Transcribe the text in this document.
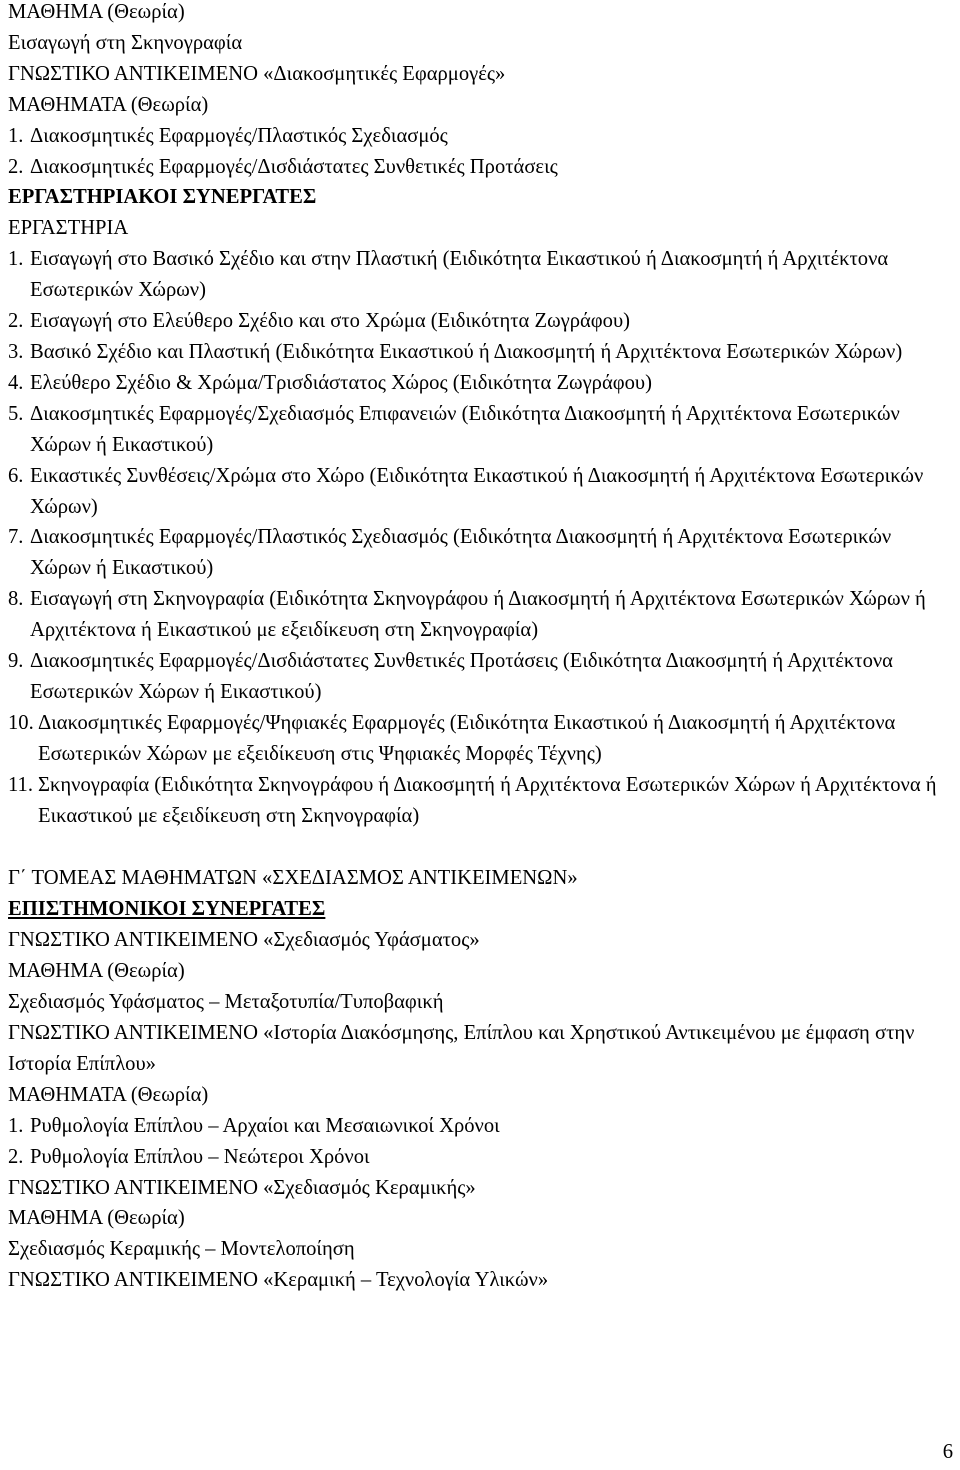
ΜΑΘΗΜΑ (Θεωρία)
Εισαγωγή στη Σκηνογραφία
ΓΝΩΣΤΙΚΟ ΑΝΤΙΚΕΙΜΕΝΟ «Διακοσμητικές Εφαρμογές»
ΜΑΘΗΜΑΤΑ (Θεωρία)
1. Διακοσμητικές Εφαρμογές/Πλαστικός Σχεδιασμός
2. Διακοσμητικές Εφαρμογές/Δισδιάστατες Συνθετικές Προτάσεις
ΕΡΓΑΣΤΗΡΙΑΚΟΙ ΣΥΝΕΡΓΑΤΕΣ
ΕΡΓΑΣΤΗΡΙΑ
1. Εισαγωγή στο Βασικό Σχέδιο και στην Πλαστική (Ειδικότητα Εικαστικού ή Διακοσμητή ή Αρχιτέκτονα Εσωτερικών Χώρων)
2. Εισαγωγή στο Ελεύθερο Σχέδιο και στο Χρώμα (Ειδικότητα Ζωγράφου)
3. Βασικό Σχέδιο και Πλαστική (Ειδικότητα Εικαστικού ή Διακοσμητή ή Αρχιτέκτονα Εσωτερικών Χώρων)
4. Ελεύθερο Σχέδιο & Χρώμα/Τρισδιάστατος Χώρος (Ειδικότητα Ζωγράφου)
5. Διακοσμητικές Εφαρμογές/Σχεδιασμός Επιφανειών (Ειδικότητα Διακοσμητή ή Αρχιτέκτονα Εσωτερικών Χώρων ή Εικαστικού)
6. Εικαστικές Συνθέσεις/Χρώμα στο Χώρο (Ειδικότητα Εικαστικού ή Διακοσμητή ή Αρχιτέκτονα Εσωτερικών Χώρων)
7. Διακοσμητικές Εφαρμογές/Πλαστικός Σχεδιασμός (Ειδικότητα Διακοσμητή ή Αρχιτέκτονα Εσωτερικών Χώρων ή Εικαστικού)
8. Εισαγωγή στη Σκηνογραφία (Ειδικότητα Σκηνογράφου ή Διακοσμητή ή Αρχιτέκτονα Εσωτερικών Χώρων ή Αρχιτέκτονα ή Εικαστικού με εξειδίκευση στη Σκηνογραφία)
9. Διακοσμητικές Εφαρμογές/Δισδιάστατες Συνθετικές Προτάσεις (Ειδικότητα Διακοσμητή ή Αρχιτέκτονα Εσωτερικών Χώρων ή Εικαστικού)
10. Διακοσμητικές Εφαρμογές/Ψηφιακές Εφαρμογές (Ειδικότητα Εικαστικού ή Διακοσμητή ή Αρχιτέκτονα Εσωτερικών Χώρων με εξειδίκευση στις Ψηφιακές Μορφές Τέχνης)
11. Σκηνογραφία (Ειδικότητα Σκηνογράφου ή Διακοσμητή ή Αρχιτέκτονα Εσωτερικών Χώρων ή Αρχιτέκτονα ή Εικαστικού με εξειδίκευση στη Σκηνογραφία)
Γ΄ ΤΟΜΕΑΣ ΜΑΘΗΜΑΤΩΝ «ΣΧΕΔΙΑΣΜΟΣ ΑΝΤΙΚΕΙΜΕΝΩΝ»
ΕΠΙΣΤΗΜΟΝΙΚΟΙ ΣΥΝΕΡΓΑΤΕΣ
ΓΝΩΣΤΙΚΟ ΑΝΤΙΚΕΙΜΕΝΟ «Σχεδιασμός Υφάσματος»
ΜΑΘΗΜΑ (Θεωρία)
Σχεδιασμός Υφάσματος – Μεταξοτυπία/Τυποβαφική
ΓΝΩΣΤΙΚΟ ΑΝΤΙΚΕΙΜΕΝΟ «Ιστορία Διακόσμησης, Επίπλου και Χρηστικού Αντικειμένου με έμφαση στην Ιστορία Επίπλου»
ΜΑΘΗΜΑΤΑ (Θεωρία)
1. Ρυθμολογία Επίπλου – Αρχαίοι και Μεσαιωνικοί Χρόνοι
2. Ρυθμολογία Επίπλου – Νεώτεροι Χρόνοι
ΓΝΩΣΤΙΚΟ ΑΝΤΙΚΕΙΜΕΝΟ «Σχεδιασμός Κεραμικής»
ΜΑΘΗΜΑ (Θεωρία)
Σχεδιασμός Κεραμικής – Μοντελοποίηση
ΓΝΩΣΤΙΚΟ ΑΝΤΙΚΕΙΜΕΝΟ «Κεραμική – Τεχνολογία Υλικών»
6
